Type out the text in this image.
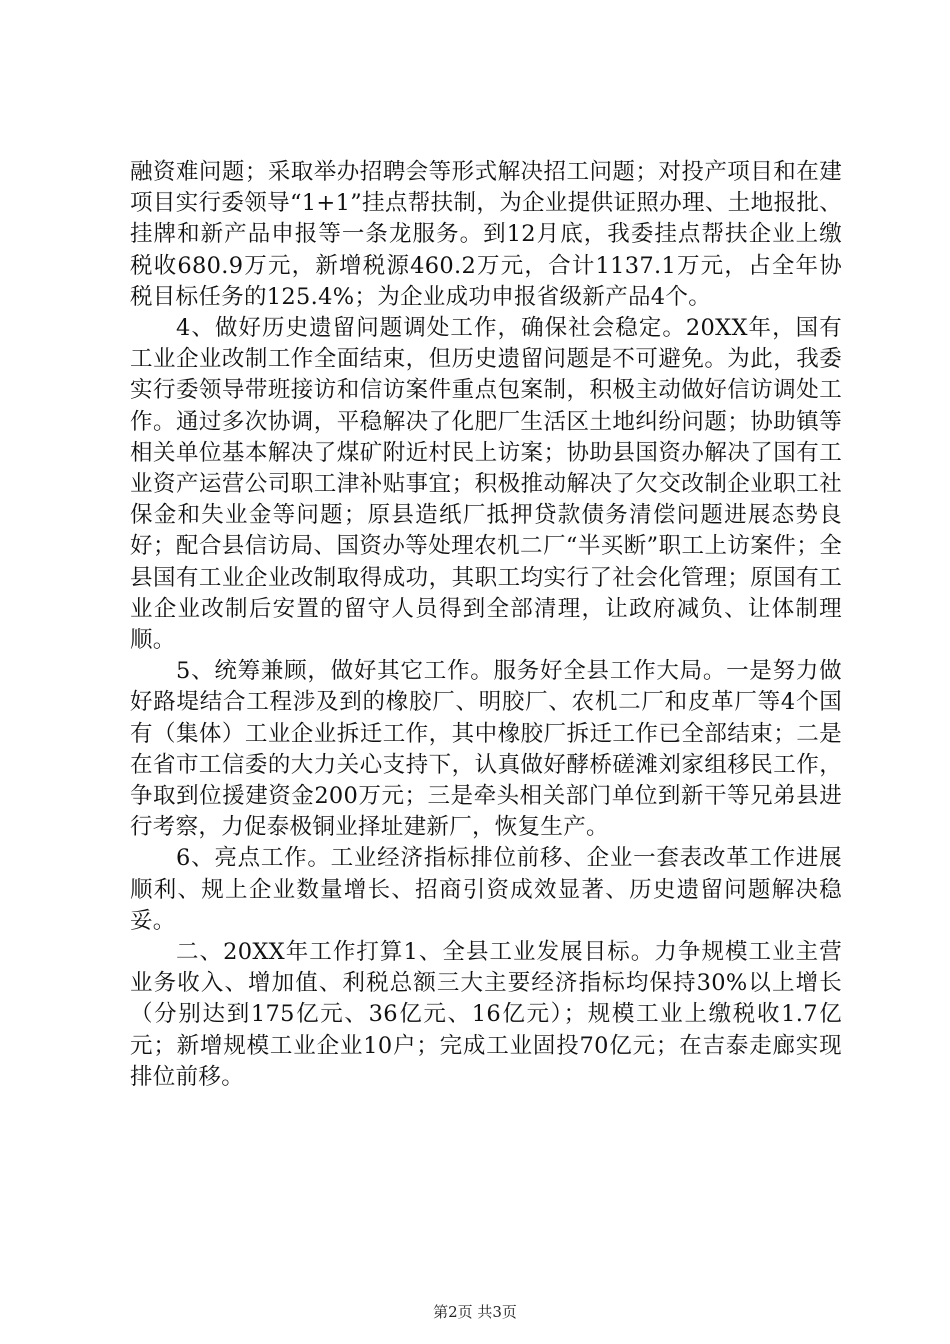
融资难问题；采取举办招聘会等形式解决招工问题；对投产项目和在建项目实行委领导“1+1”挂点帮扶制，为企业提供证照办理、土地报批、挂牌和新产品申报等一条龙服务。到12月底，我委挂点帮扶企业上缴税收680.9万元，新增税源460.2万元，合计1137.1万元，占全年协税目标任务的125.4%；为企业成功申报省级新产品4个。

4、做好历史遗留问题调处工作，确保社会稳定。20XX年，国有工业企业改制工作全面结束，但历史遗留问题是不可避免。为此，我委实行委领导带班接访和信访案件重点包案制，积极主动做好信访调处工作。通过多次协调，平稳解决了化肥厂生活区土地纠纷问题；协助镇等相关单位基本解决了煤矿附近村民上访案；协助县国资办解决了国有工业资产运营公司职工津补贴事宜；积极推动解决了欠交改制企业职工社保金和失业金等问题；原县造纸厂抵押贷款债务清偿问题进展态势良好；配合县信访局、国资办等处理农机二厂“半买断”职工上访案件；全县国有工业企业改制取得成功，其职工均实行了社会化管理；原国有工业企业改制后安置的留守人员得到全部清理，让政府减负、让体制理顺。

5、统筹兼顾，做好其它工作。服务好全县工作大局。一是努力做好路堤结合工程涉及到的橡胶厂、明胶厂、农机二厂和皮革厂等4个国有（集体）工业企业拆迁工作，其中橡胶厂拆迁工作已全部结束；二是在省市工信委的大力关心支持下，认真做好酵桥磋滩刘家组移民工作，争取到位援建资金200万元；三是牵头相关部门单位到新干等兄弟县进行考察，力促泰极铜业择址建新厂，恢复生产。

6、亮点工作。工业经济指标排位前移、企业一套表改革工作进展顺利、规上企业数量增长、招商引资成效显著、历史遗留问题解决稳妥。

二、20XX年工作打算1、全县工业发展目标。力争规模工业主营业务收入、增加值、利税总额三大主要经济指标均保持30%以上增长（分别达到175亿元、36亿元、16亿元）；规模工业上缴税收1.7亿元；新增规模工业企业10户；完成工业固投70亿元；在吉泰走廊实现排位前移。

第2页 共3页
